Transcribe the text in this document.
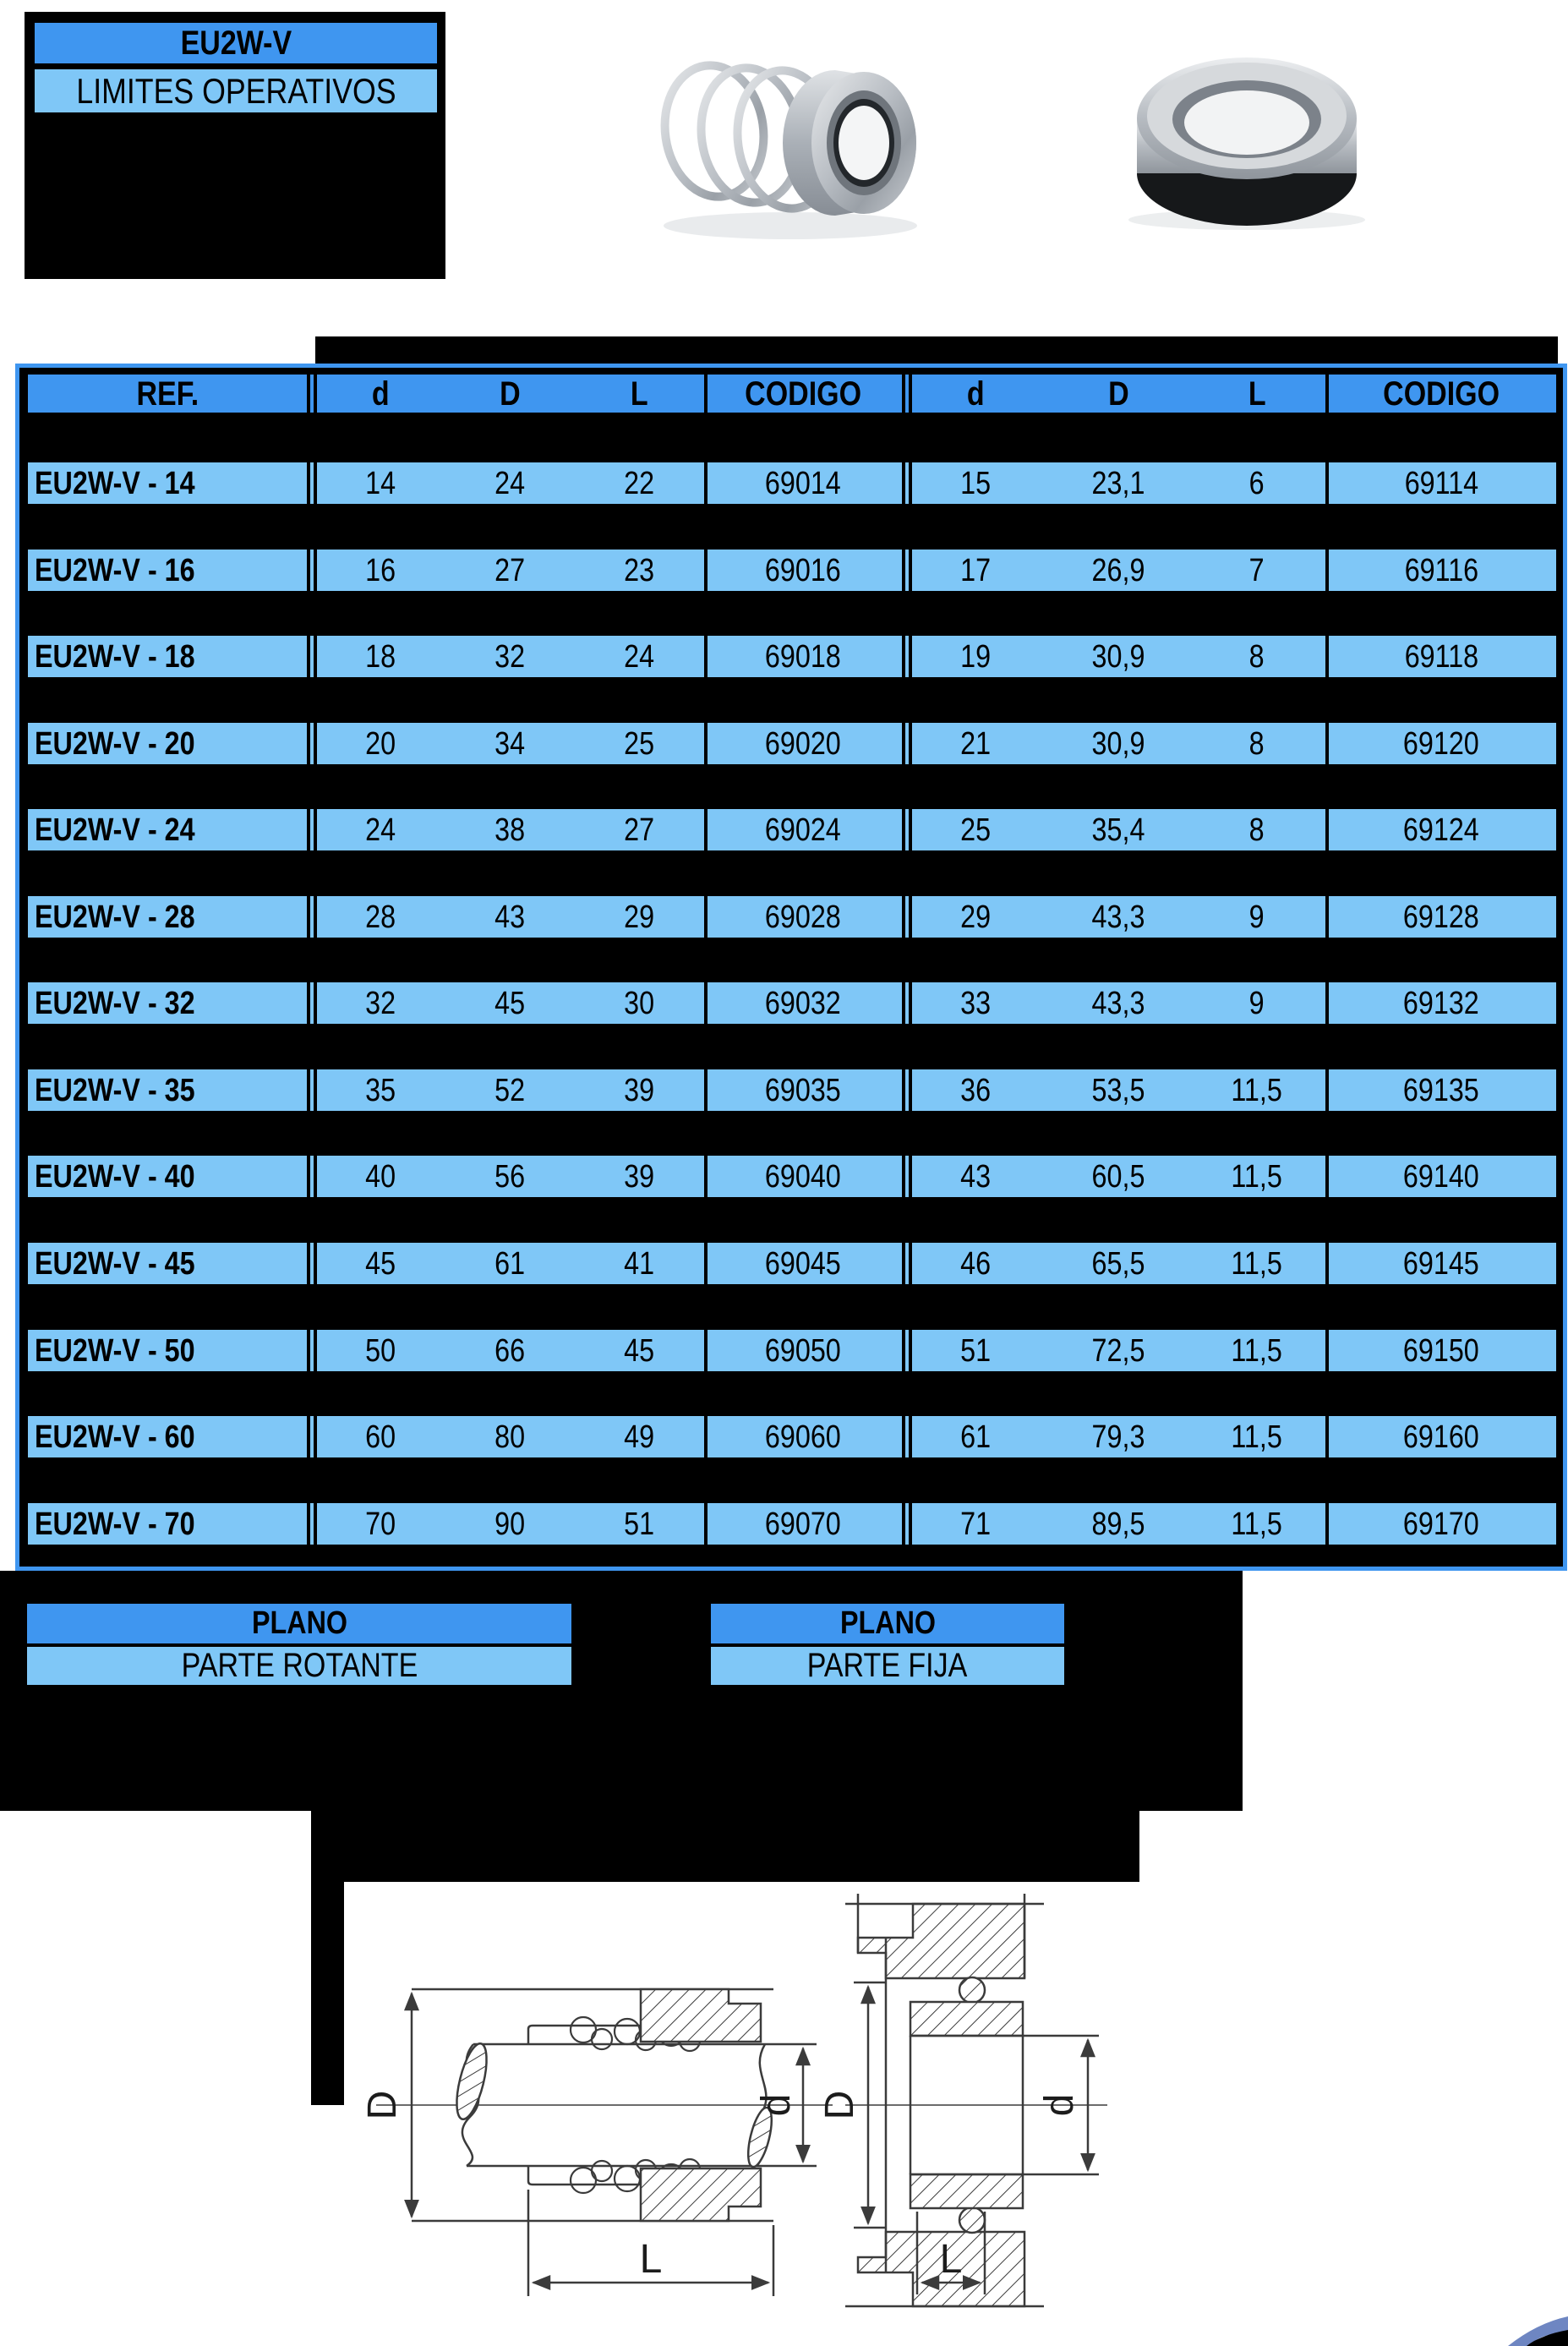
EU2W-V
LIMITES OPERATIVOS
REF.	d	D	L	CODIGO	d	D	L	CODIGO
EU2W-V - 14	14	24	22	69014	15	23,1	6	69114
EU2W-V - 16	16	27	23	69016	17	26,9	7	69116
EU2W-V - 18	18	32	24	69018	19	30,9	8	69118
EU2W-V - 20	20	34	25	69020	21	30,9	8	69120
EU2W-V - 24	24	38	27	69024	25	35,4	8	69124
EU2W-V - 28	28	43	29	69028	29	43,3	9	69128
EU2W-V - 32	32	45	30	69032	33	43,3	9	69132
EU2W-V - 35	35	52	39	69035	36	53,5	11,5	69135
EU2W-V - 40	40	56	39	69040	43	60,5	11,5	69140
EU2W-V - 45	45	61	41	69045	46	65,5	11,5	69145
EU2W-V - 50	50	66	45	69050	51	72,5	11,5	69150
EU2W-V - 60	60	80	49	69060	61	79,3	11,5	69160
EU2W-V - 70	70	90	51	69070	71	89,5	11,5	69170
PLANO
PARTE ROTANTE
PLANO
PARTE FIJA
D	d
L
D	d
L
